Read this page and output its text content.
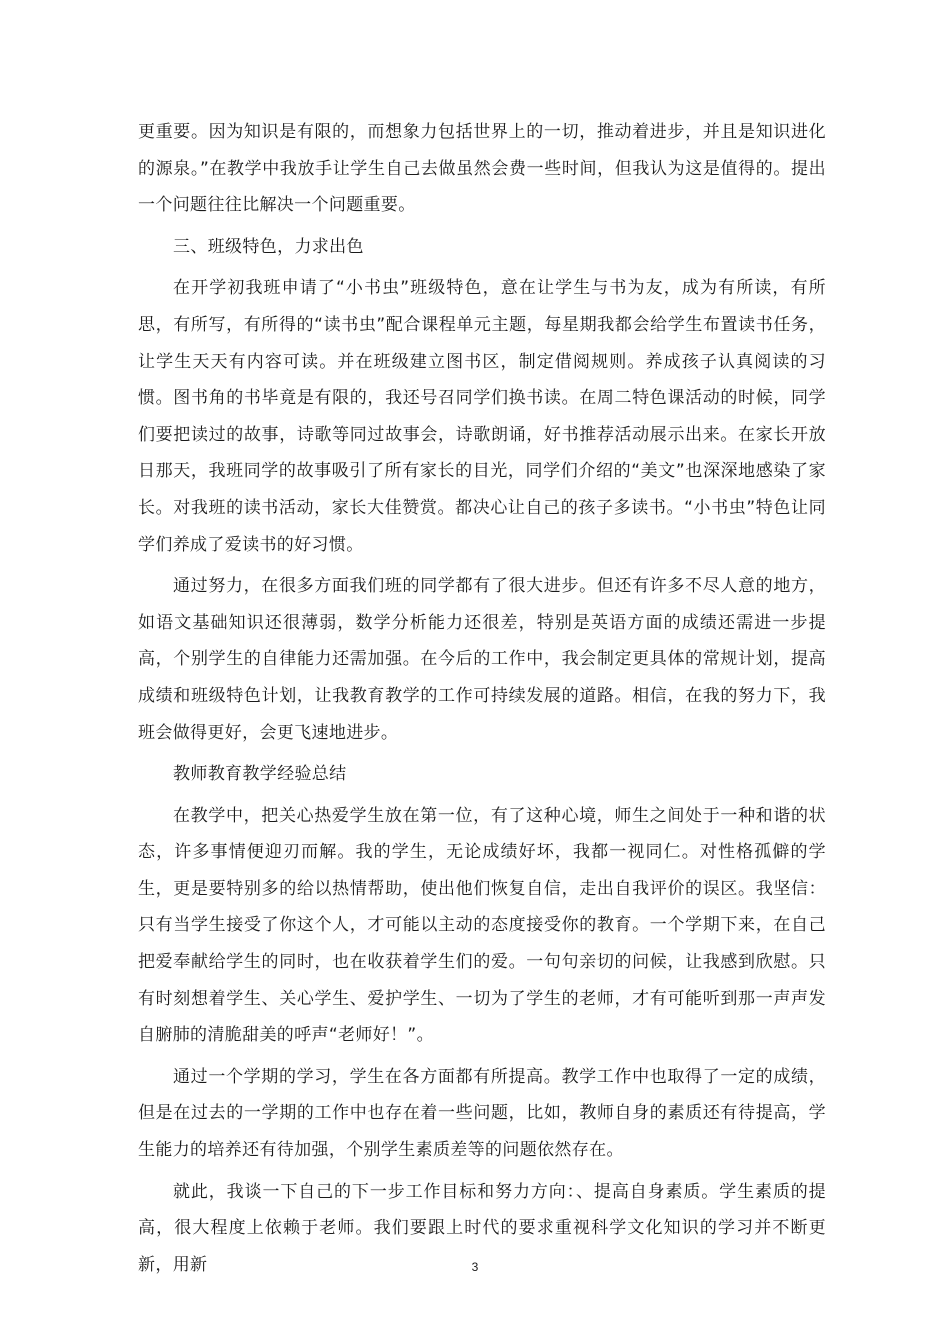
更重要。因为知识是有限的，而想象力包括世界上的一切，推动着进步，并且是知识进化的源泉。”在教学中我放手让学生自己去做虽然会费一些时间，但我认为这是值得的。提出一个问题往往比解决一个问题重要。

三、班级特色，力求出色

在开学初我班申请了“小书虫”班级特色，意在让学生与书为友，成为有所读，有所思，有所写，有所得的“读书虫”配合课程单元主题，每星期我都会给学生布置读书任务，让学生天天有内容可读。并在班级建立图书区，制定借阅规则。养成孩子认真阅读的习惯。图书角的书毕竟是有限的，我还号召同学们换书读。在周二特色课活动的时候，同学们要把读过的故事，诗歌等同过故事会，诗歌朗诵，好书推荐活动展示出来。在家长开放日那天，我班同学的故事吸引了所有家长的目光，同学们介绍的“美文”也深深地感染了家长。对我班的读书活动，家长大佳赞赏。都决心让自己的孩子多读书。“小书虫”特色让同学们养成了爱读书的好习惯。

通过努力，在很多方面我们班的同学都有了很大进步。但还有许多不尽人意的地方，如语文基础知识还很薄弱，数学分析能力还很差，特别是英语方面的成绩还需进一步提高，个别学生的自律能力还需加强。在今后的工作中，我会制定更具体的常规计划，提高成绩和班级特色计划，让我教育教学的工作可持续发展的道路。相信，在我的努力下，我班会做得更好，会更飞速地进步。

教师教育教学经验总结

在教学中，把关心热爱学生放在第一位，有了这种心境，师生之间处于一种和谐的状态，许多事情便迎刃而解。我的学生，无论成绩好坏，我都一视同仁。对性格孤僻的学生，更是要特别多的给以热情帮助，使出他们恢复自信，走出自我评价的误区。我坚信：只有当学生接受了你这个人，才可能以主动的态度接受你的教育。一个学期下来，在自己把爱奉献给学生的同时，也在收获着学生们的爱。一句句亲切的问候，让我感到欣慰。只有时刻想着学生、关心学生、爱护学生、一切为了学生的老师，才有可能听到那一声声发自腑肺的清脆甜美的呼声“老师好！”。

通过一个学期的学习，学生在各方面都有所提高。教学工作中也取得了一定的成绩，但是在过去的一学期的工作中也存在着一些问题，比如，教师自身的素质还有待提高，学生能力的培养还有待加强，个别学生素质差等的问题依然存在。

就此，我谈一下自己的下一步工作目标和努力方向：、提高自身素质。学生素质的提高，很大程度上依赖于老师。我们要跟上时代的要求重视科学文化知识的学习并不断更新，用新	3
